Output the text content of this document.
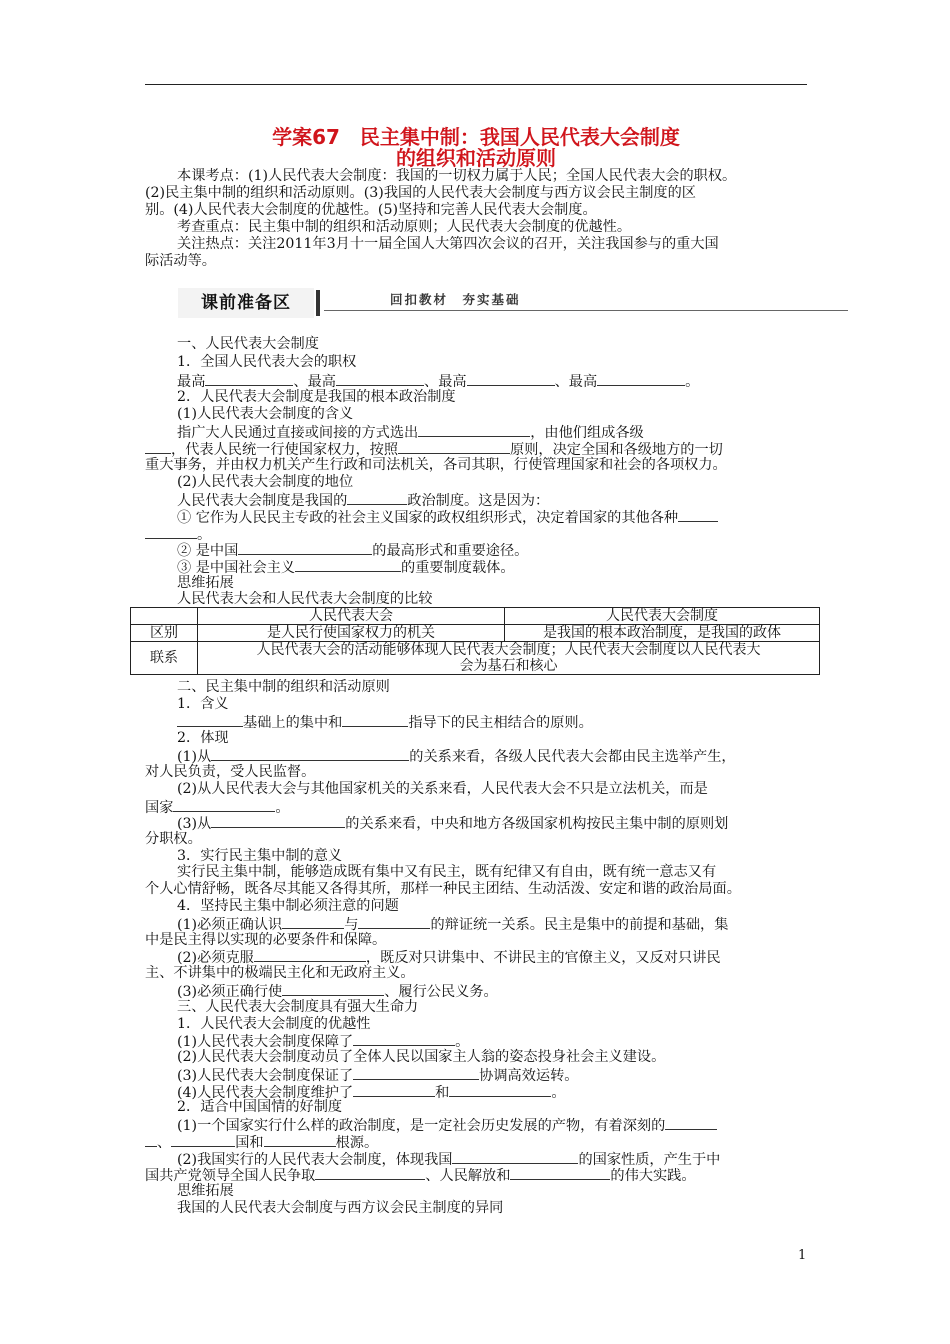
学案67　民主集中制：我国人民代表大会制度
的组织和活动原则
本课考点：(1)人民代表大会制度：我国的一切权力属于人民；全国人民代表大会的职权。
(2)民主集中制的组织和活动原则。(3)我国的人民代表大会制度与西方议会民主制度的区
别。(4)人民代表大会制度的优越性。(5)坚持和完善人民代表大会制度。
考查重点：民主集中制的组织和活动原则；人民代表大会制度的优越性。
关注热点：关注2011年3月十一届全国人大第四次会议的召开，关注我国参与的重大国
际活动等。
课前准备区	回扣教材　夯实基础
一、人民代表大会制度
1．全国人民代表大会的职权
最高	、最高	、最高	、最高	。
2．人民代表大会制度是我国的根本政治制度
(1)人民代表大会制度的含义
指广大人民通过直接或间接的方式选出	，由他们组成各级
，代表人民统一行使国家权力，按照	原则，决定全国和各级地方的一切
重大事务，并由权力机关产生行政和司法机关，各司其职，行使管理国家和社会的各项权力。
(2)人民代表大会制度的地位
人民代表大会制度是我国的	政治制度。这是因为：
① 它作为人民民主专政的社会主义国家的政权组织形式，决定着国家的其他各种
。
② 是中国	的最高形式和重要途径。
③ 是中国社会主义	的重要制度载体。
思维拓展
人民代表大会和人民代表大会制度的比较
	人民代表大会	人民代表大会制度
区别	是人民行使国家权力的机关	是我国的根本政治制度，是我国的政体
联系	人民代表大会的活动能够体现人民代表大会制度；人民代表大会制度以人民代表大
会为基石和核心	
二、民主集中制的组织和活动原则
1．含义
基础上的集中和	指导下的民主相结合的原则。
2．体现
(1)从	的关系来看，各级人民代表大会都由民主选举产生，
对人民负责，受人民监督。
(2)从人民代表大会与其他国家机关的关系来看，人民代表大会不只是立法机关，而是
国家	。
(3)从	的关系来看，中央和地方各级国家机构按民主集中制的原则划
分职权。
3．实行民主集中制的意义
实行民主集中制，能够造成既有集中又有民主，既有纪律又有自由，既有统一意志又有
个人心情舒畅，既各尽其能又各得其所，那样一种民主团结、生动活泼、安定和谐的政治局面。
4．坚持民主集中制必须注意的问题
(1)必须正确认识	与	的辩证统一关系。民主是集中的前提和基础，集
中是民主得以实现的必要条件和保障。
(2)必须克服	，既反对只讲集中、不讲民主的官僚主义，又反对只讲民
主、不讲集中的极端民主化和无政府主义。
(3)必须正确行使	、履行公民义务。
三、人民代表大会制度具有强大生命力
1．人民代表大会制度的优越性
(1)人民代表大会制度保障了	。
(2)人民代表大会制度动员了全体人民以国家主人翁的姿态投身社会主义建设。
(3)人民代表大会制度保证了	协调高效运转。
(4)人民代表大会制度维护了	和	。
2．适合中国国情的好制度
(1)一个国家实行什么样的政治制度，是一定社会历史发展的产物，有着深刻的
、	国和	根源。
(2)我国实行的人民代表大会制度，体现我国	的国家性质，产生于中
国共产党领导全国人民争取	、人民解放和	的伟大实践。
思维拓展
我国的人民代表大会制度与西方议会民主制度的异同
1
